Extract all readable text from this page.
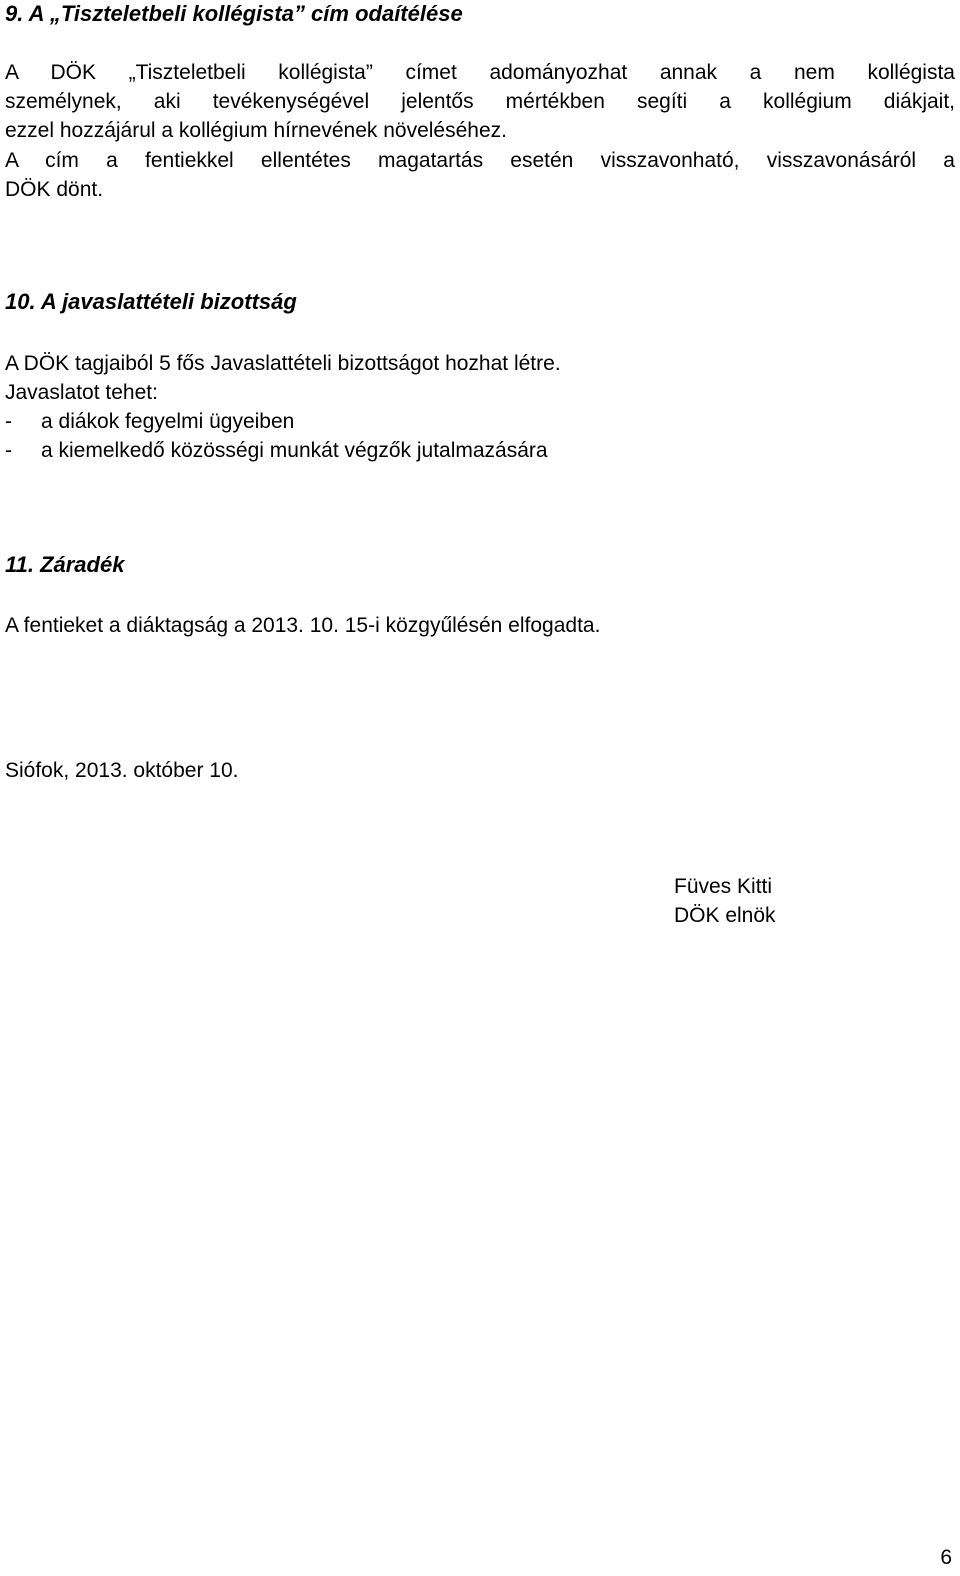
9. A „Tiszteletbeli kollégista” cím odaítélése

A DÖK „Tiszteletbeli kollégista” címet adományozhat annak a nem kollégista
személynek, aki tevékenységével jelentős mértékben segíti a kollégium diákjait,
ezzel hozzájárul a kollégium hírnevének növeléséhez.

A cím a fentiekkel ellentétes magatartás esetén visszavonható, visszavonásáról a
DÖK dönt.

10. A javaslattételi bizottság

A DÖK tagjaiból 5 fős Javaslattételi bizottságot hozhat létre.

Javaslatot tehet:

- a diákok fegyelmi ügyeiben
- a kiemelkedő közösségi munkát végzők jutalmazására
11. Záradék

A fentieket a diáktagság a 2013. 10. 15-i közgyűlésén elfogadta.

Siófok, 2013. október 10.

Füves Kitti

DÖK elnök

6
